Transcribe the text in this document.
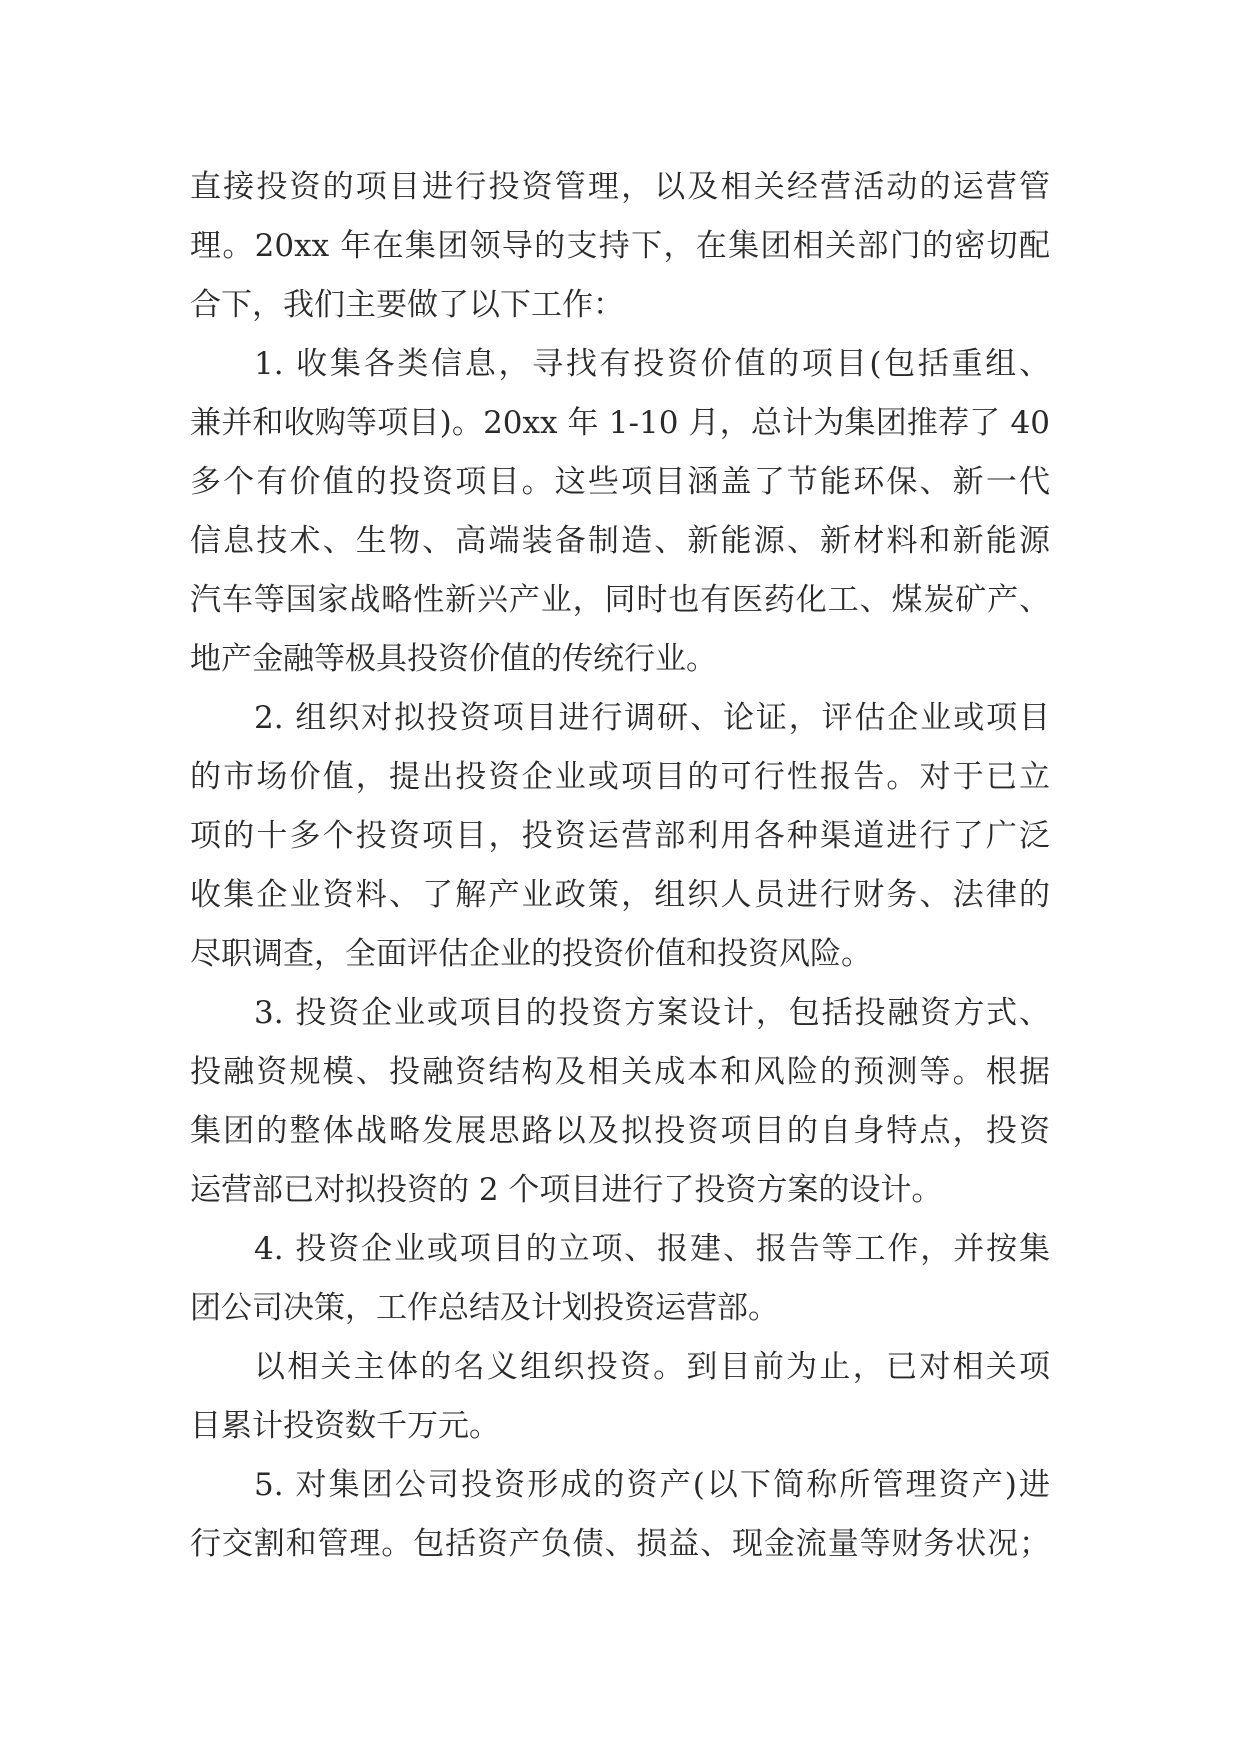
直接投资的项目进行投资管理，以及相关经营活动的运营管
理。20xx 年在集团领导的支持下，在集团相关部门的密切配
合下，我们主要做了以下工作：
1. 收集各类信息，寻找有投资价值的项目(包括重组、
兼并和收购等项目)。20xx 年 1-10 月，总计为集团推荐了 40
多个有价值的投资项目。这些项目涵盖了节能环保、新一代
信息技术、生物、高端装备制造、新能源、新材料和新能源
汽车等国家战略性新兴产业，同时也有医药化工、煤炭矿产、
地产金融等极具投资价值的传统行业。
2. 组织对拟投资项目进行调研、论证，评估企业或项目
的市场价值，提出投资企业或项目的可行性报告。对于已立
项的十多个投资项目，投资运营部利用各种渠道进行了广泛
收集企业资料、了解产业政策，组织人员进行财务、法律的
尽职调查，全面评估企业的投资价值和投资风险。
3. 投资企业或项目的投资方案设计，包括投融资方式、
投融资规模、投融资结构及相关成本和风险的预测等。根据
集团的整体战略发展思路以及拟投资项目的自身特点，投资
运营部已对拟投资的 2 个项目进行了投资方案的设计。
4. 投资企业或项目的立项、报建、报告等工作，并按集
团公司决策，工作总结及计划投资运营部。
以相关主体的名义组织投资。到目前为止，已对相关项
目累计投资数千万元。
5. 对集团公司投资形成的资产(以下简称所管理资产)进
行交割和管理。包括资产负债、损益、现金流量等财务状况；
